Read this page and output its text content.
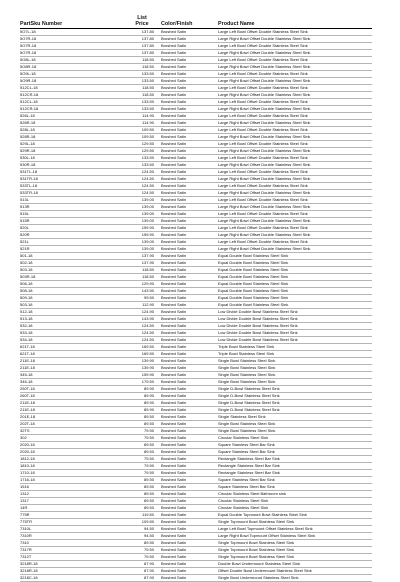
PartSku Number
List Price	Color/Finish	Product Name
5O7L-18	137.80 Brushed Satin	Large Left Bowl Offset Double Stainless Steel Sink
5O7R-18	137.80 Brushed Satin	Large Right Bowl Offset Double Stainless Steel Sink
5O7R-18	137.80 Brushed Satin	Large Left Bowl Offset Double Stainless Steel Sink
5O7R-18	137.80 Brushed Satin	Large Right Bowl Offset Double Stainless Steel Sink
5O8L-18	118.50 Brushed Satin	Large Left Bowl Offset Double Stainless Steel Sink
5O8R-18	118.50 Brushed Satin	Large Right Bowl Offset Double Stainless Steel Sink
5O9L-18	133.50 Brushed Satin	Large Left Bowl Offset Double Stainless Steel Sink
5O9R-18	133.50 Brushed Satin	Large Right Bowl Offset Double Stainless Steel Sink
512CL-18	118.50 Brushed Satin	Large Left Bowl Offset Double Stainless Steel Sink
512CR-18	118.50 Brushed Satin	Large Right Bowl Offset Double Stainless Steel Sink
512CL-18	133.50 Brushed Satin	Large Left Bowl Offset Double Stainless Steel Sink
512CR-18	133.50 Brushed Satin	Large Right Bowl Offset Double Stainless Steel Sink
526L-18	114.90 Brushed Satin	Large Left Bowl Offset Double Stainless Steel Sink
526R-18	114.90 Brushed Satin	Large Right Bowl Offset Double Stainless Steel Sink
528L-18	109.50 Brushed Satin	Large Left Bowl Offset Double Stainless Steel Sink
528R-18	109.50 Brushed Satin	Large Right Bowl Offset Double Stainless Steel Sink
529L-18	129.50 Brushed Satin	Large Left Bowl Offset Double Stainless Steel Sink
529R-18	129.50 Brushed Satin	Large Right Bowl Offset Double Stainless Steel Sink
530L-18	133.50 Brushed Satin	Large Left Bowl Offset Double Stainless Steel Sink
530R-18	133.50 Brushed Satin	Large Right Bowl Offset Double Stainless Steel Sink
531TL-18	124.50 Brushed Satin	Large Left Bowl Offset Double Stainless Steel Sink
531TR-18	124.50 Brushed Satin	Large Right Bowl Offset Double Stainless Steel Sink
533TL-18	124.50 Brushed Satin	Large Left Bowl Offset Double Stainless Steel Sink
533TR-18	124.50 Brushed Satin	Large Right Bowl Offset Double Stainless Steel Sink
513L	139.00 Brushed Satin	Large Left Bowl Offset Double Stainless Steel Sink
513R	139.00 Brushed Satin	Large Right Bowl Offset Double Stainless Steel Sink
515L	139.00 Brushed Satin	Large Left Bowl Offset Double Stainless Steel Sink
515R	139.00 Brushed Satin	Large Right Bowl Offset Double Stainless Steel Sink
520L	159.90 Brushed Satin	Large Left Bowl Offset Double Stainless Steel Sink
520R	159.90 Brushed Satin	Large Right Bowl Offset Double Stainless Steel Sink
521L	139.00 Brushed Satin	Large Left Bowl Offset Double Stainless Steel Sink
521R	139.00 Brushed Satin	Large Right Bowl Offset Double Stainless Steel Sink
501-18	137.90 Brushed Satin	Equal Double Bowl Stainless Steel Sink
502-18	137.90 Brushed Satin	Equal Double Bowl Stainless Steel Sink
503-18	118.50 Brushed Satin	Equal Double Bowl Stainless Steel Sink
503R-18	118.50 Brushed Satin	Equal Double Bowl Stainless Steel Sink
506-18	129.90 Brushed Satin	Equal Double Bowl Stainless Steel Sink
508-18	143.90 Brushed Satin	Equal Double Bowl Stainless Steel Sink
509-18	99.50 Brushed Satin	Equal Double Bowl Stainless Steel Sink
503-18	112.90 Brushed Satin	Equal Double Bowl Stainless Steel Sink
512-18	124.90 Brushed Satin	Low Divide Double Bowl Stainless Steel Sink
513-18	143.90 Brushed Satin	Low Divide Double Bowl Stainless Steel Sink
532-18	124.50 Brushed Satin	Low Divide Double Bowl Stainless Steel Sink
533-18	124.50 Brushed Satin	Low Divide Double Bowl Stainless Steel Sink
534-18	124.50 Brushed Satin	Low Divide Double Bowl Stainless Steel Sink
621T-18	169.50 Brushed Satin	Triple Bowl Stainless Steel Sink
621T-18	169.50 Brushed Satin	Triple Bowl Stainless Steel Sink
211E-18	139.90 Brushed Satin	Single Bowl Stainless Steel Sink
211E-18	139.90 Brushed Satin	Single Bowl Stainless Steel Sink
345-18	159.90 Brushed Satin	Single Bowl Stainless Steel Sink
346-18	179.50 Brushed Satin	Single Bowl Stainless Steel Sink
250T-18	89.90 Brushed Satin	Single D-Bowl Stainless Steel Sink
260T-18	89.90 Brushed Satin	Single D-Bowl Stainless Steel Sink
211E-18	89.90 Brushed Satin	Single D-Bowl Stainless Steel Sink
211E-18	89.90 Brushed Satin	Single D-Bowl Stainless Steel Sink
201E-18	89.50 Brushed Satin	Single Stainless Steel Sink
202T-18	89.50 Brushed Satin	Single Bowl Stainless Steel Sink
32TS	79.50 Brushed Satin	Single Bowl Stainless Steel Sink
302	79.50 Brushed Satin	Circular Stainless Steel Sink
2020-18	89.50 Brushed Satin	Square Stainless Steel Bar Sink
2020-18	89.50 Brushed Satin	Square Stainless Steel Bar Sink
1812-18	79.50 Brushed Satin	Rectangle Stainless Steel Bar Sink
1810-18	79.50 Brushed Satin	Rectangle Stainless Steel Bar Sink
1710-18	79.50 Brushed Satin	Rectangle Stainless Steel Bar Sink
1716-18	89.50 Brushed Satin	Square Stainless Steel Bar Sink
1516	89.50 Brushed Satin	Square Stainless Steel Bar Sink
1312	89.50 Brushed Satin	Circular Stainless Steel Bathroom sink
1317	89.50 Brushed Satin	Circular Stainless Steel Sink
14R	89.50 Brushed Satin	Circular Stainless Steel Sink
775R	119.50 Brushed Satin	Equal Double Topmount Bowl Stainless Steel Sink
775TR	109.50 Brushed Satin	Single Topmount Bowl Stainless Steel Sink
7310L	94.50 Brushed Satin	Large Left Bowl Topmount Offset Stainless Steel Sink
7310R	94.50 Brushed Satin	Large Right Bowl Topmount Offset Stainless Steel Sink
7310	89.50 Brushed Satin	Single Topmount Bowl Stainless Steel Sink
7317R	79.50 Brushed Satin	Single Topmount Bowl Stainless Steel Sink
7312T	79.50 Brushed Satin	Single Topmount Bowl Stainless Steel Sink
3218R-18	87.90 Brushed Satin	Double Bowl Undermount Stainless Steel Sink
3218R-18	87.90 Brushed Satin	Offset Double Bowl Undermount Stainless Steel Sink
3218C-18	87.90 Brushed Satin	Single Bowl Undermount Stainless Steel Sink
